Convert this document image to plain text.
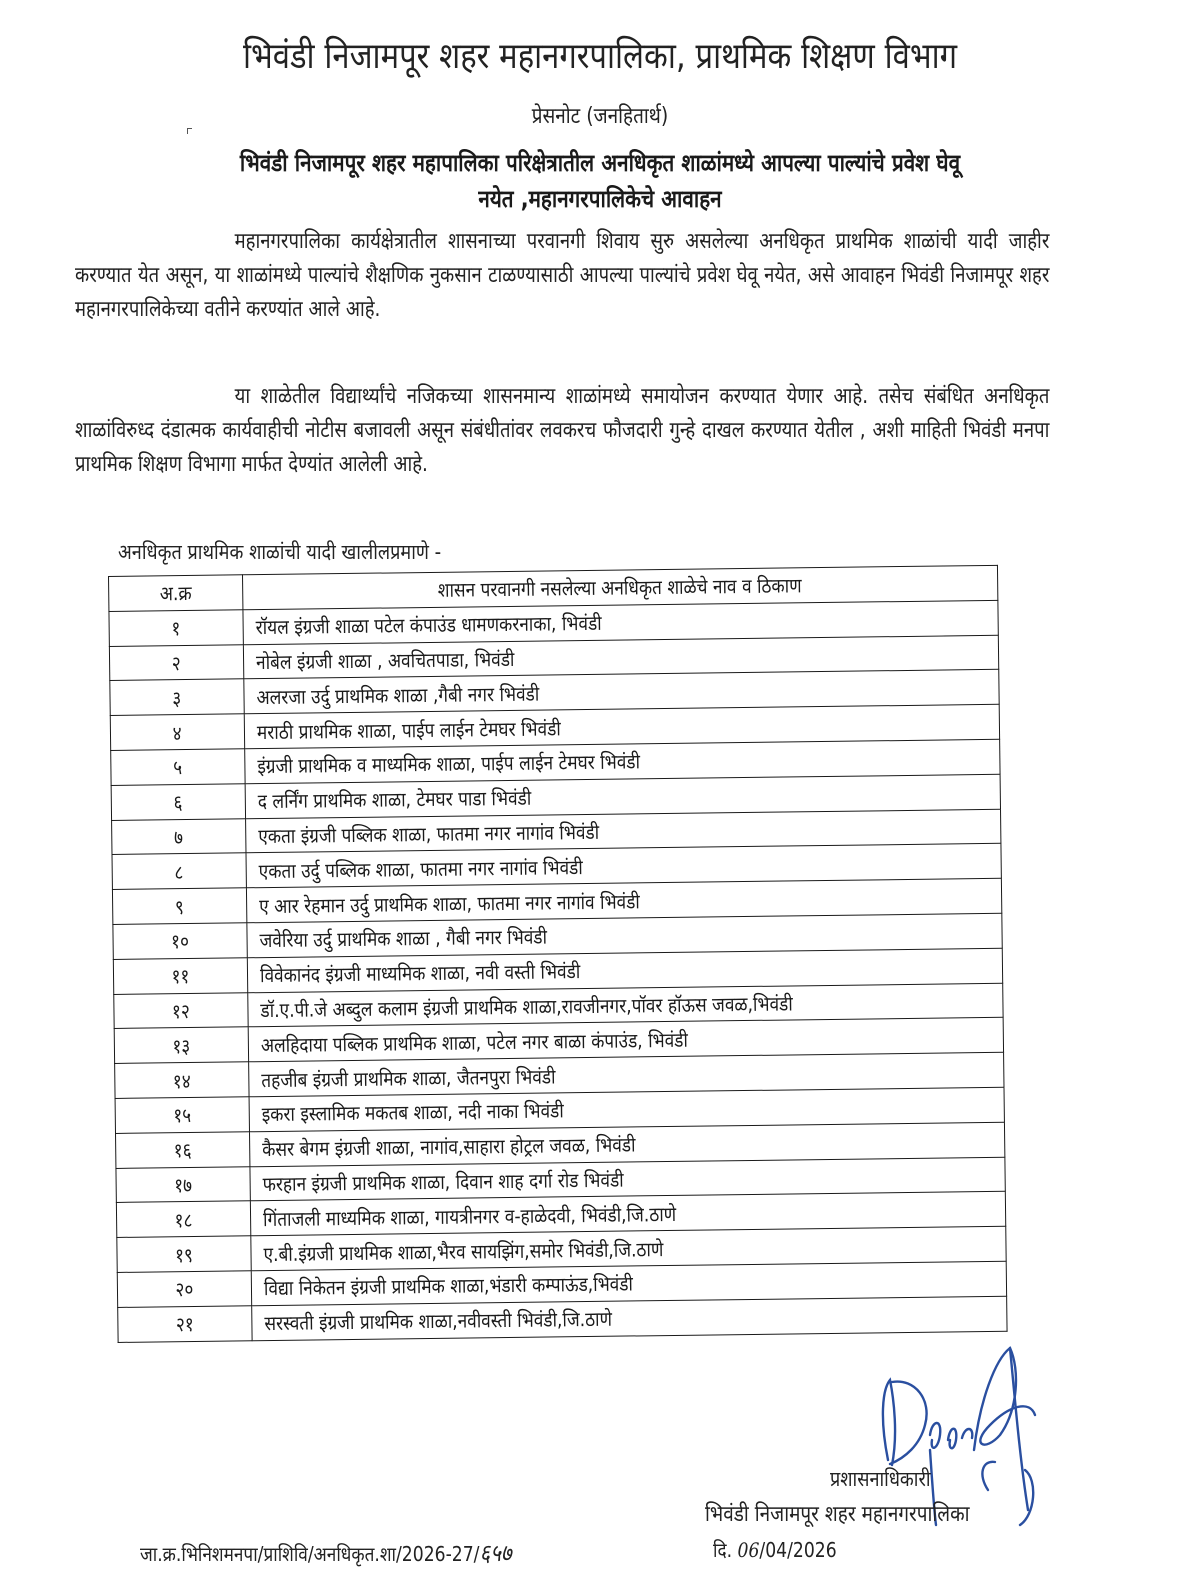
भिवंडी निजामपूर शहर महानगरपालिका, प्राथमिक शिक्षण विभाग
प्रेसनोट (जनहितार्थ)
भिवंडी निजामपूर शहर महापालिका परिक्षेत्रातील अनधिकृत शाळांमध्ये आपल्या पाल्यांचे प्रवेश घेवू
नयेत ,महानगरपालिकेचे आवाहन
महानगरपालिका कार्यक्षेत्रातील शासनाच्या परवानगी शिवाय सुरु असलेल्या अनधिकृत प्राथमिक शाळांची यादी जाहीर करण्यात येत असून, या शाळांमध्ये पाल्यांचे शैक्षणिक नुकसान टाळण्यासाठी आपल्या पाल्यांचे प्रवेश घेवू नयेत, असे आवाहन भिवंडी निजामपूर शहर महानगरपालिकेच्या वतीने करण्यांत आले आहे.
या शाळेतील विद्यार्थ्यांचे नजिकच्या शासनमान्य शाळांमध्ये समायोजन करण्यात येणार आहे. तसेच संबंधित अनधिकृत शाळांविरुध्द दंडात्मक कार्यवाहीची नोटीस बजावली असून संबंधीतांवर लवकरच फौजदारी गुन्हे दाखल करण्यात येतील , अशी माहिती भिवंडी मनपा प्राथमिक शिक्षण विभागा मार्फत देण्यांत आलेली आहे.
अनधिकृत प्राथमिक शाळांची यादी खालीलप्रमाणे -
अ.क्र	शासन परवानगी नसलेल्या अनधिकृत शाळेचे नाव व ठिकाण
१	रॉयल इंग्रजी शाळा पटेल कंपाउंड धामणकरनाका, भिवंडी
२	नोबेल इंग्रजी शाळा , अवचितपाडा, भिवंडी
३	अलरजा उर्दु प्राथमिक शाळा ,गैबी नगर भिवंडी
४	मराठी प्राथमिक शाळा, पाईप लाईन टेमघर भिवंडी
५	इंग्रजी प्राथमिक व माध्यमिक शाळा, पाईप लाईन टेमघर भिवंडी
६	द लर्निंग प्राथमिक शाळा, टेमघर पाडा भिवंडी
७	एकता इंग्रजी पब्लिक शाळा, फातमा नगर नागांव भिवंडी
८	एकता उर्दु पब्लिक शाळा, फातमा नगर नागांव भिवंडी
९	ए आर रेहमान उर्दु प्राथमिक शाळा, फातमा नगर नागांव भिवंडी
१०	जवेरिया उर्दु प्राथमिक शाळा , गैबी नगर भिवंडी
११	विवेकानंद इंग्रजी माध्यमिक शाळा, नवी वस्ती भिवंडी
१२	डॉ.ए.पी.जे अब्दुल कलाम इंग्रजी प्राथमिक शाळा,रावजीनगर,पॉवर हॉऊस जवळ,भिवंडी
१३	अलहिदाया पब्लिक प्राथमिक शाळा, पटेल नगर बाळा कंपाउंड, भिवंडी
१४	तहजीब इंग्रजी प्राथमिक शाळा, जैतनपुरा भिवंडी
१५	इकरा इस्लामिक मकतब शाळा, नदी नाका भिवंडी
१६	कैसर बेगम इंग्रजी शाळा, नागांव,साहारा होट्रल जवळ, भिवंडी
१७	फरहान इंग्रजी प्राथमिक शाळा, दिवान शाह दर्गा रोड भिवंडी
१८	गिंताजली माध्यमिक शाळा, गायत्रीनगर व-हाळेदवी, भिवंडी,जि.ठाणे
१९	ए.बी.इंग्रजी प्राथमिक शाळा,भैरव सायझिंग,समोर भिवंडी,जि.ठाणे
२०	विद्या निकेतन इंग्रजी प्राथमिक शाळा,भंडारी कम्पाऊंड,भिवंडी
२१	सरस्वती इंग्रजी प्राथमिक शाळा,नवीवस्ती भिवंडी,जि.ठाणे
प्रशासनाधिकारी
भिवंडी निजामपूर शहर महानगरपालिका
जा.क्र.भिनिशमनपा/प्राशिवि/अनधिकृत.शा/2026-27/६५७	दि. 06/04/2026
